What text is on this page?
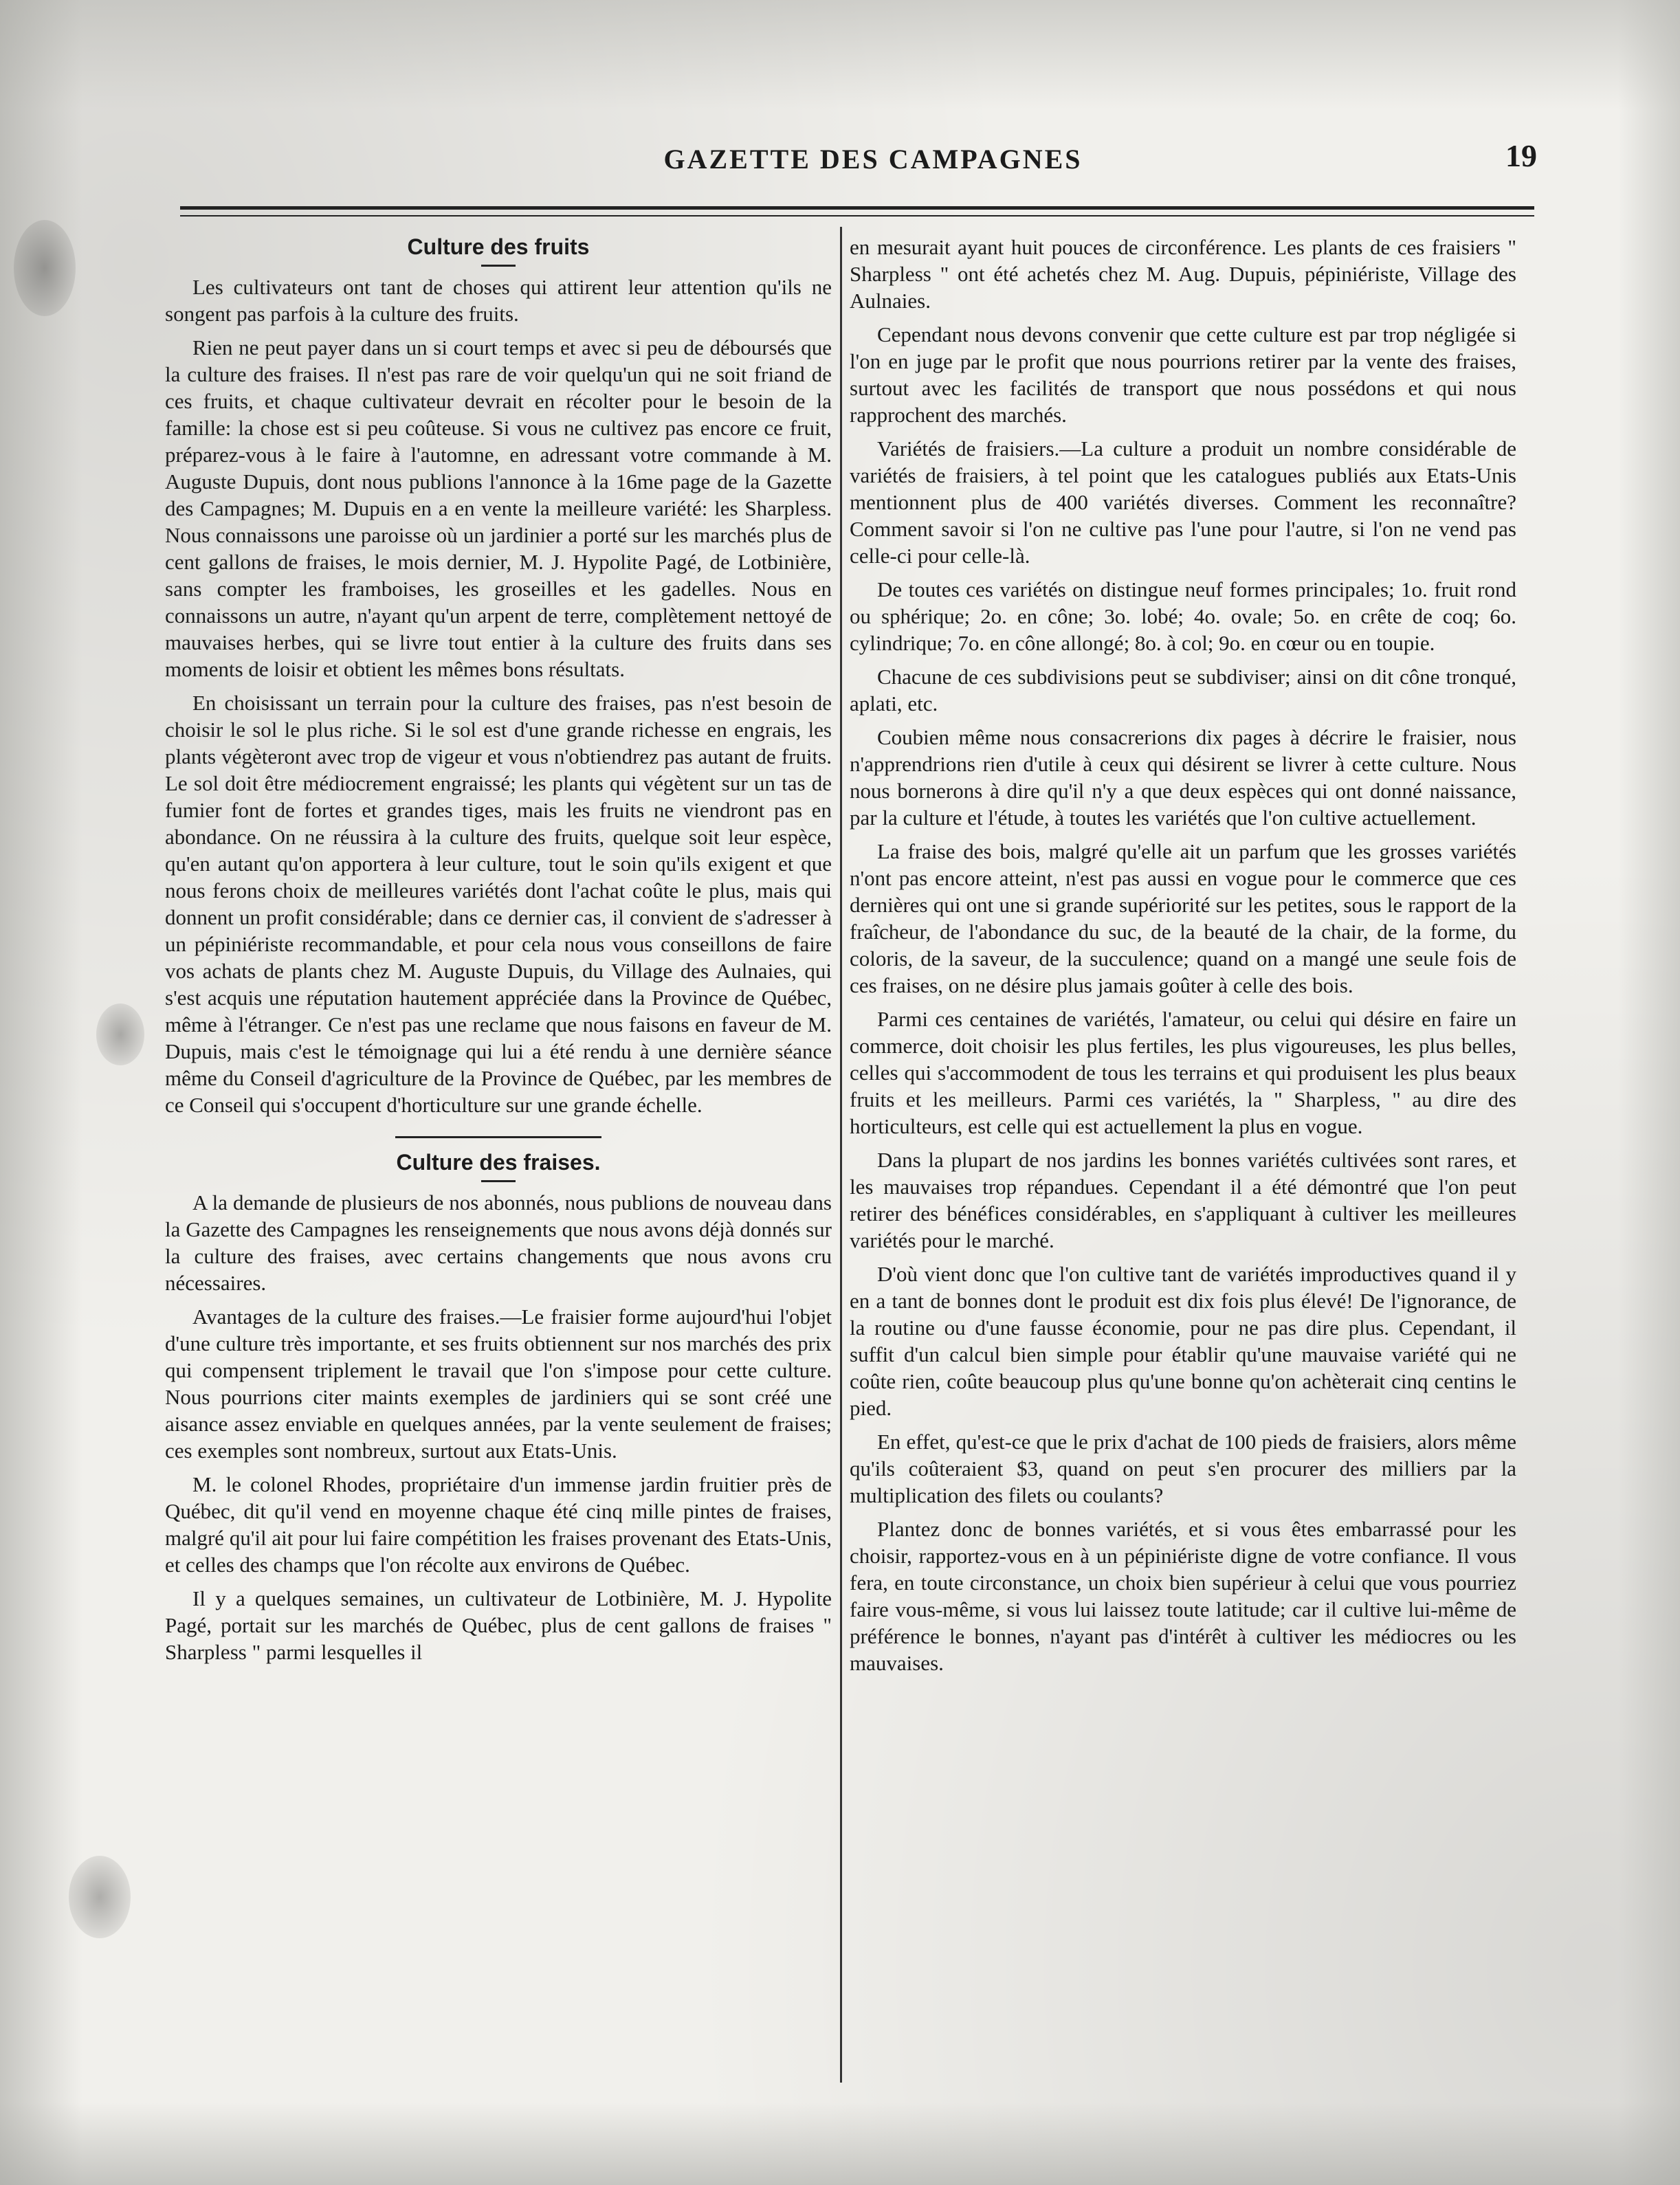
GAZETTE DES CAMPAGNES	19
Culture des fruits

Les cultivateurs ont tant de choses qui attirent leur attention qu'ils ne songent pas parfois à la culture des fruits.

Rien ne peut payer dans un si court temps et avec si peu de déboursés que la culture des fraises. Il n'est pas rare de voir quelqu'un qui ne soit friand de ces fruits, et chaque cultivateur devrait en récolter pour le besoin de la famille: la chose est si peu coûteuse. Si vous ne cultivez pas encore ce fruit, préparez-vous à le faire à l'automne, en adressant votre commande à M. Auguste Dupuis, dont nous publions l'annonce à la 16me page de la Gazette des Campagnes; M. Dupuis en a en vente la meilleure variété: les Sharpless. Nous connaissons une paroisse où un jardinier a porté sur les marchés plus de cent gallons de fraises, le mois dernier, M. J. Hypolite Pagé, de Lotbinière, sans compter les framboises, les groseilles et les gadelles. Nous en connaissons un autre, n'ayant qu'un arpent de terre, complètement nettoyé de mauvaises herbes, qui se livre tout entier à la culture des fruits dans ses moments de loisir et obtient les mêmes bons résultats.

En choisissant un terrain pour la culture des fraises, pas n'est besoin de choisir le sol le plus riche. Si le sol est d'une grande richesse en engrais, les plants végèteront avec trop de vigeur et vous n'obtiendrez pas autant de fruits. Le sol doit être médiocrement engraissé; les plants qui végètent sur un tas de fumier font de fortes et grandes tiges, mais les fruits ne viendront pas en abondance. On ne réussira à la culture des fruits, quelque soit leur espèce, qu'en autant qu'on apportera à leur culture, tout le soin qu'ils exigent et que nous ferons choix de meilleures variétés dont l'achat coûte le plus, mais qui donnent un profit considérable; dans ce dernier cas, il convient de s'adresser à un pépiniériste recommandable, et pour cela nous vous conseillons de faire vos achats de plants chez M. Auguste Dupuis, du Village des Aulnaies, qui s'est acquis une réputation hautement appréciée dans la Province de Québec, même à l'étranger. Ce n'est pas une reclame que nous faisons en faveur de M. Dupuis, mais c'est le témoignage qui lui a été rendu à une dernière séance même du Conseil d'agriculture de la Province de Québec, par les membres de ce Conseil qui s'occupent d'horticulture sur une grande échelle.

Culture des fraises.

A la demande de plusieurs de nos abonnés, nous publions de nouveau dans la Gazette des Campagnes les renseignements que nous avons déjà donnés sur la culture des fraises, avec certains changements que nous avons cru nécessaires.

Avantages de la culture des fraises.—Le fraisier forme aujourd'hui l'objet d'une culture très importante, et ses fruits obtiennent sur nos marchés des prix qui compensent triplement le travail que l'on s'impose pour cette culture. Nous pourrions citer maints exemples de jardiniers qui se sont créé une aisance assez enviable en quelques années, par la vente seulement de fraises; ces exemples sont nombreux, surtout aux Etats-Unis.

M. le colonel Rhodes, propriétaire d'un immense jardin fruitier près de Québec, dit qu'il vend en moyenne chaque été cinq mille pintes de fraises, malgré qu'il ait pour lui faire compétition les fraises provenant des Etats-Unis, et celles des champs que l'on récolte aux environs de Québec.

Il y a quelques semaines, un cultivateur de Lotbinière, M. J. Hypolite Pagé, portait sur les marchés de Québec, plus de cent gallons de fraises " Sharpless " parmi lesquelles il

en mesurait ayant huit pouces de circonférence. Les plants de ces fraisiers " Sharpless " ont été achetés chez M. Aug. Dupuis, pépiniériste, Village des Aulnaies.

Cependant nous devons convenir que cette culture est par trop négligée si l'on en juge par le profit que nous pourrions retirer par la vente des fraises, surtout avec les facilités de transport que nous possédons et qui nous rapprochent des marchés.

Variétés de fraisiers.—La culture a produit un nombre considérable de variétés de fraisiers, à tel point que les catalogues publiés aux Etats-Unis mentionnent plus de 400 variétés diverses. Comment les reconnaître? Comment savoir si l'on ne cultive pas l'une pour l'autre, si l'on ne vend pas celle-ci pour celle-là.

De toutes ces variétés on distingue neuf formes principales; 1o. fruit rond ou sphérique; 2o. en cône; 3o. lobé; 4o. ovale; 5o. en crête de coq; 6o. cylindrique; 7o. en cône allongé; 8o. à col; 9o. en cœur ou en toupie.

Chacune de ces subdivisions peut se subdiviser; ainsi on dit cône tronqué, aplati, etc.

Coubien même nous consacrerions dix pages à décrire le fraisier, nous n'apprendrions rien d'utile à ceux qui désirent se livrer à cette culture. Nous nous bornerons à dire qu'il n'y a que deux espèces qui ont donné naissance, par la culture et l'étude, à toutes les variétés que l'on cultive actuellement.

La fraise des bois, malgré qu'elle ait un parfum que les grosses variétés n'ont pas encore atteint, n'est pas aussi en vogue pour le commerce que ces dernières qui ont une si grande supériorité sur les petites, sous le rapport de la fraîcheur, de l'abondance du suc, de la beauté de la chair, de la forme, du coloris, de la saveur, de la succulence; quand on a mangé une seule fois de ces fraises, on ne désire plus jamais goûter à celle des bois.

Parmi ces centaines de variétés, l'amateur, ou celui qui désire en faire un commerce, doit choisir les plus fertiles, les plus vigoureuses, les plus belles, celles qui s'accommodent de tous les terrains et qui produisent les plus beaux fruits et les meilleurs. Parmi ces variétés, la " Sharpless, " au dire des horticulteurs, est celle qui est actuellement la plus en vogue.

Dans la plupart de nos jardins les bonnes variétés cultivées sont rares, et les mauvaises trop répandues. Cependant il a été démontré que l'on peut retirer des bénéfices considérables, en s'appliquant à cultiver les meilleures variétés pour le marché.

D'où vient donc que l'on cultive tant de variétés improductives quand il y en a tant de bonnes dont le produit est dix fois plus élevé! De l'ignorance, de la routine ou d'une fausse économie, pour ne pas dire plus. Cependant, il suffit d'un calcul bien simple pour établir qu'une mauvaise variété qui ne coûte rien, coûte beaucoup plus qu'une bonne qu'on achèterait cinq centins le pied.

En effet, qu'est-ce que le prix d'achat de 100 pieds de fraisiers, alors même qu'ils coûteraient $3, quand on peut s'en procurer des milliers par la multiplication des filets ou coulants?

Plantez donc de bonnes variétés, et si vous êtes embarrassé pour les choisir, rapportez-vous en à un pépiniériste digne de votre confiance. Il vous fera, en toute circonstance, un choix bien supérieur à celui que vous pourriez faire vous-même, si vous lui laissez toute latitude; car il cultive lui-même de préférence le bonnes, n'ayant pas d'intérêt à cultiver les médiocres ou les mauvaises.
